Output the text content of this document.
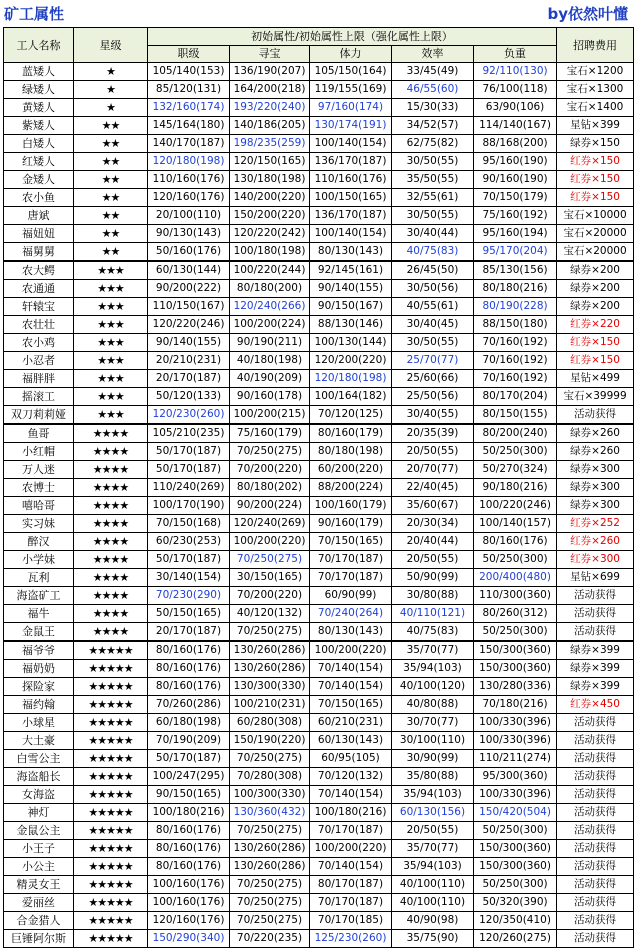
矿工属性	by依然叶懂
工人名称	星级	初始属性/初始属性上限（强化属性上限）					招聘费用
		职级	寻宝	体力	效率	负重	
蓝矮人	★	105/140(153)	136/190(207)	105/150(164)	33/45(49)	92/110(130)	宝石×1200
绿矮人	★	85/120(131)	164/200(218)	119/155(169)	46/55(60)	76/100(118)	宝石×1300
黄矮人	★	132/160(174)	193/220(240)	97/160(174)	15/30(33)	63/90(106)	宝石×1400
紫矮人	★★	145/164(180)	140/186(205)	130/174(191)	34/52(57)	114/140(167)	星钻×399
白矮人	★★	140/170(187)	198/235(259)	100/140(154)	62/75(82)	88/168(200)	绿券×150
红矮人	★★	120/180(198)	120/150(165)	136/170(187)	30/50(55)	95/160(190)	红券×150
金矮人	★★	110/160(176)	130/180(198)	110/160(176)	35/50(55)	90/160(190)	红券×150
农小鱼	★★	120/160(176)	140/200(220)	100/150(165)	32/55(61)	70/150(179)	红券×150
唐斌	★★	20/100(110)	150/200(220)	136/170(187)	30/50(55)	75/160(192)	宝石×10000
福妞妞	★★	90/130(143)	120/220(242)	100/140(154)	30/40(44)	95/160(194)	宝石×20000
福舅舅	★★	50/160(176)	100/180(198)	80/130(143)	40/75(83)	95/170(204)	宝石×20000
农大鳄	★★★	60/130(144)	100/220(244)	92/145(161)	26/45(50)	85/130(156)	绿券×200
农通通	★★★	90/200(222)	80/180(200)	90/140(155)	30/50(56)	80/180(216)	绿券×200
轩辕宝	★★★	110/150(167)	120/240(266)	90/150(167)	40/55(61)	80/190(228)	绿券×200
农壮壮	★★★	120/220(246)	100/200(224)	88/130(146)	30/40(45)	88/150(180)	红券×220
农小鸡	★★★	90/140(155)	90/190(211)	100/130(144)	30/50(55)	70/160(192)	红券×150
小忍者	★★★	20/210(231)	40/180(198)	120/200(220)	25/70(77)	70/160(192)	红券×150
福胖胖	★★★	20/170(187)	40/190(209)	120/180(198)	25/60(66)	70/160(192)	星钻×499
摇滚工	★★★	50/120(133)	90/160(178)	100/164(182)	25/50(56)	80/170(204)	宝石×39999
双刀莉莉娅	★★★	120/230(260)	100/200(215)	70/120(125)	30/40(55)	80/150(155)	活动获得
鱼哥	★★★★	105/210(235)	75/160(179)	80/160(179)	20/35(39)	80/200(240)	绿券×260
小红帽	★★★★	50/170(187)	70/250(275)	80/180(198)	20/50(55)	50/250(300)	绿券×260
万人迷	★★★★	50/170(187)	70/200(220)	60/200(220)	20/70(77)	50/270(324)	绿券×300
农博士	★★★★	110/240(269)	80/180(202)	88/200(224)	22/40(45)	90/180(216)	绿券×300
嘻哈哥	★★★★	100/170(190)	90/200(224)	100/160(179)	35/60(67)	100/220(246)	绿券×300
实习妹	★★★★	70/150(168)	120/240(269)	90/160(179)	20/30(34)	100/140(157)	红券×252
醉汉	★★★★	60/230(253)	100/200(220)	70/150(165)	20/40(44)	80/160(176)	红券×260
小学妹	★★★★	50/170(187)	70/250(275)	70/170(187)	20/50(55)	50/250(300)	红券×300
瓦利	★★★★	30/140(154)	30/150(165)	70/170(187)	50/90(99)	200/400(480)	星钻×699
海盗矿工	★★★★	70/230(290)	70/200(220)	60/90(99)	30/80(88)	110/300(360)	活动获得
福牛	★★★★	50/150(165)	40/120(132)	70/240(264)	40/110(121)	80/260(312)	活动获得
金鼠王	★★★★	20/170(187)	70/250(275)	80/130(143)	40/75(83)	50/250(300)	活动获得
福爷爷	★★★★★	80/160(176)	130/260(286)	100/200(220)	35/70(77)	150/300(360)	绿券×399
福奶奶	★★★★★	80/160(176)	130/260(286)	70/140(154)	35/94(103)	150/300(360)	绿券×399
探险家	★★★★★	80/160(176)	130/300(330)	70/140(154)	40/100(120)	130/280(336)	绿券×399
福约翰	★★★★★	70/260(286)	100/210(231)	70/150(165)	40/80(88)	70/180(216)	红券×450
小球星	★★★★★	60/180(198)	60/280(308)	60/210(231)	30/70(77)	100/330(396)	活动获得
大土豪	★★★★★	70/190(209)	150/190(220)	60/130(143)	30/100(110)	100/330(396)	活动获得
白雪公主	★★★★★	50/170(187)	70/250(275)	60/95(105)	30/90(99)	110/211(274)	活动获得
海盗船长	★★★★★	100/247(295)	70/280(308)	70/120(132)	35/80(88)	95/300(360)	活动获得
女海盗	★★★★★	90/150(165)	100/300(330)	70/140(154)	35/94(103)	100/330(396)	活动获得
神灯	★★★★★	100/180(216)	130/360(432)	100/180(216)	60/130(156)	150/420(504)	活动获得
金鼠公主	★★★★★	80/160(176)	70/250(275)	70/170(187)	20/50(55)	50/250(300)	活动获得
小王子	★★★★★	80/160(176)	130/260(286)	100/200(220)	35/70(77)	150/300(360)	活动获得
小公主	★★★★★	80/160(176)	130/260(286)	70/140(154)	35/94(103)	150/300(360)	活动获得
精灵女王	★★★★★	100/160(176)	70/250(275)	80/170(187)	40/100(110)	50/250(300)	活动获得
爱丽丝	★★★★★	100/160(176)	70/250(275)	70/170(187)	40/100(110)	50/320(390)	活动获得
合金猎人	★★★★★	120/160(176)	70/250(275)	70/170(185)	40/90(98)	120/350(410)	活动获得
巨锤阿尔斯	★★★★★	150/290(340)	70/220(235)	125/230(260)	35/75(90)	120/260(275)	活动获得
